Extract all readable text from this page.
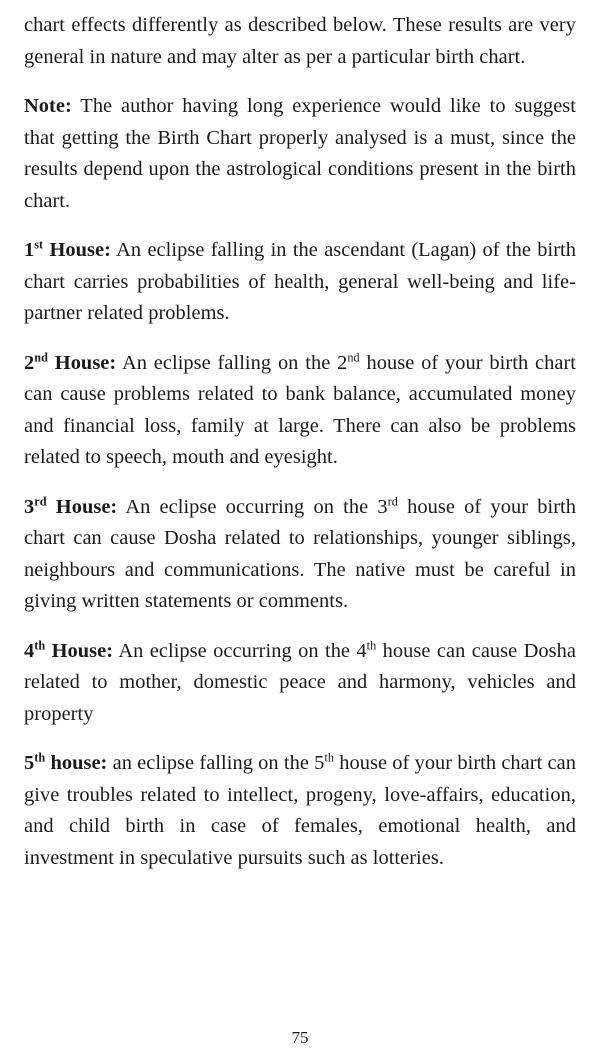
chart effects differently as described below. These results are very general in nature and may alter as per a particular birth chart.

Note: The author having long experience would like to suggest that getting the Birth Chart properly analysed is a must, since the results depend upon the astrological conditions present in the birth chart.

1st House: An eclipse falling in the ascendant (Lagan) of the birth chart carries probabilities of health, general well-being and life-partner related problems.

2nd House: An eclipse falling on the 2nd house of your birth chart can cause problems related to bank balance, accumulated money and financial loss, family at large. There can also be problems related to speech, mouth and eyesight.

3rd House: An eclipse occurring on the 3rd house of your birth chart can cause Dosha related to relationships, younger siblings, neighbours and communications. The native must be careful in giving written statements or comments.

4th House: An eclipse occurring on the 4th house can cause Dosha related to mother, domestic peace and harmony, vehicles and property

5th house: an eclipse falling on the 5th house of your birth chart can give troubles related to intellect, progeny, love-affairs, education, and child birth in case of females, emotional health, and investment in speculative pursuits such as lotteries.

75
